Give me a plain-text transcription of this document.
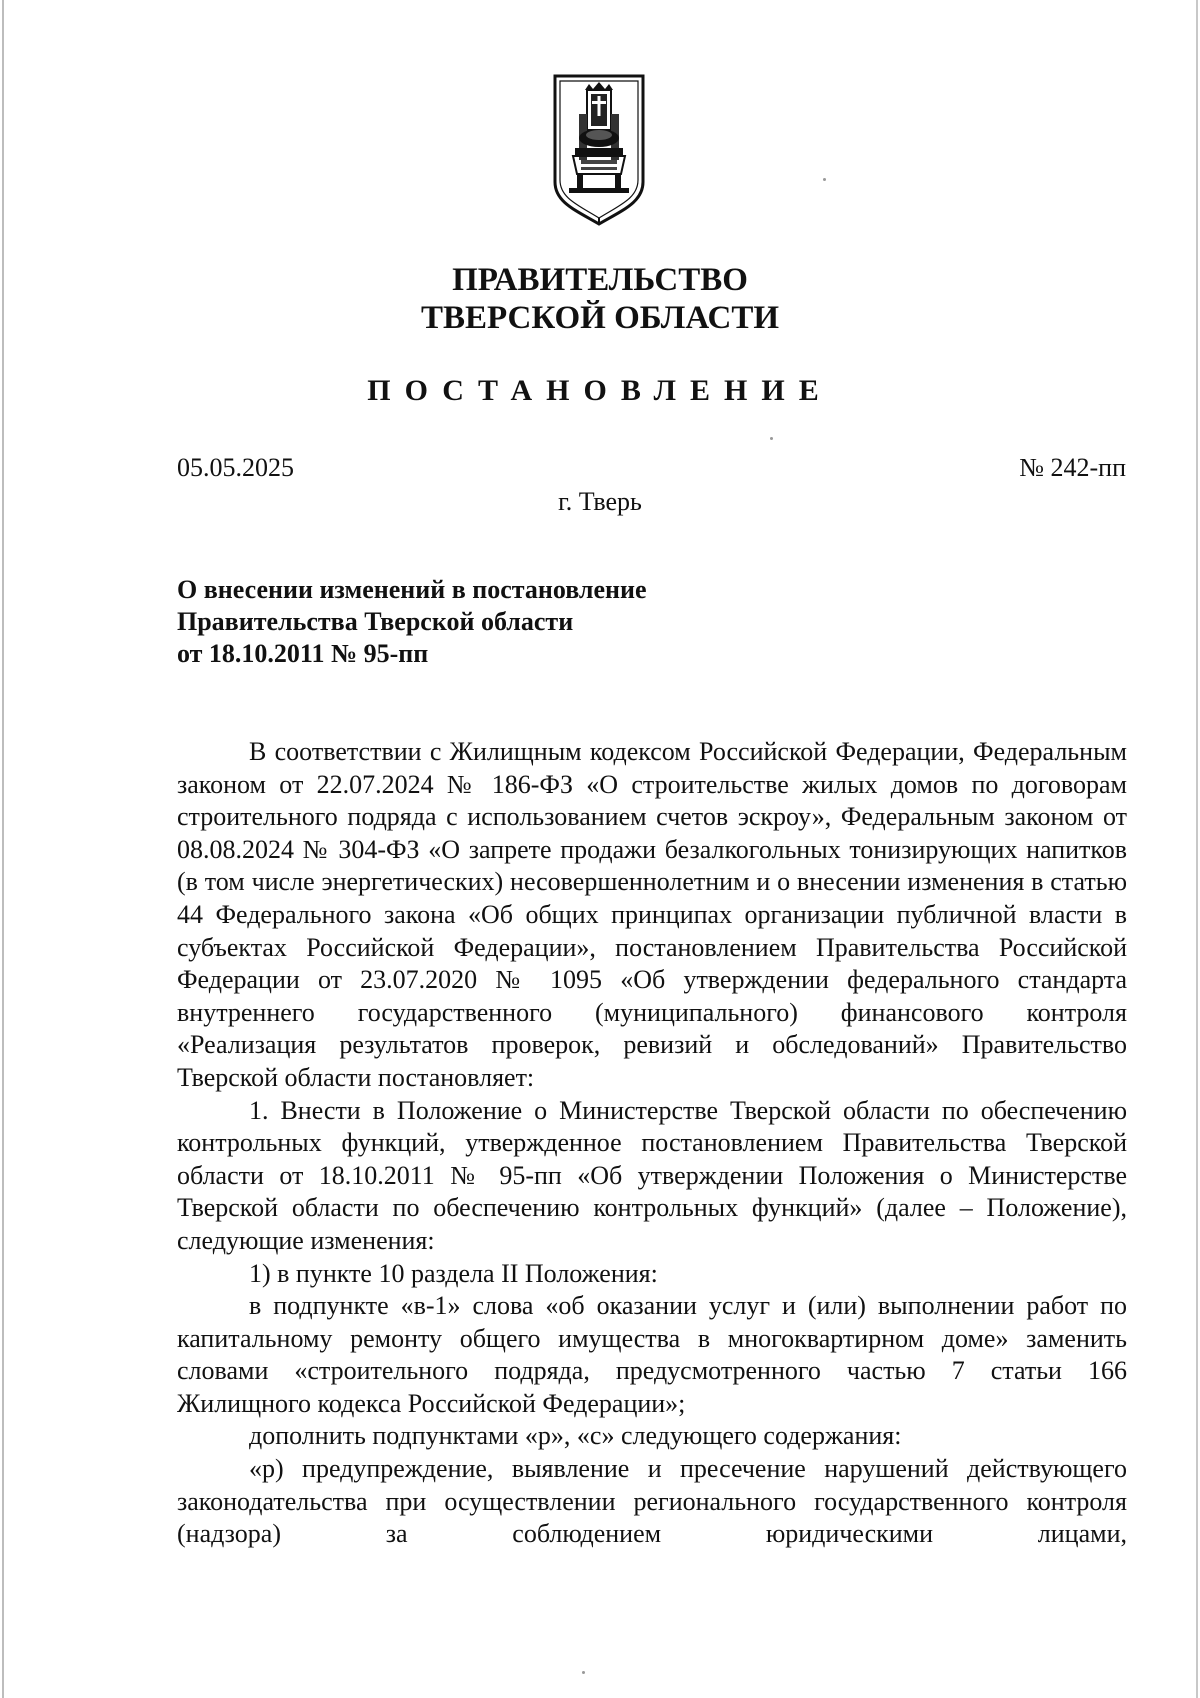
ПРАВИТЕЛЬСТВО
ТВЕРСКОЙ ОБЛАСТИ
ПОСТАНОВЛЕНИЕ
05.05.2025	№ 242-пп
г. Тверь
О внесении изменений в постановление
Правительства Тверской области
от 18.10.2011 № 95-пп

В соответствии с Жилищным кодексом Российской Федерации, Федеральным законом от 22.07.2024 № 186-ФЗ «О строительстве жилых домов по договорам строительного подряда с использованием счетов эскроу», Федеральным законом от 08.08.2024 № 304-ФЗ «О запрете продажи безалкогольных тонизирующих напитков (в том числе энергетических) несовершеннолетним и о внесении изменения в статью 44 Федерального закона «Об общих принципах организации публичной власти в субъектах Российской Федерации», постановлением Правительства Российской Федерации от 23.07.2020 № 1095 «Об утверждении федерального стандарта внутреннего государственного (муниципального) финансового контроля «Реализация результатов проверок, ревизий и обследований» Правительство Тверской области постановляет:

1. Внести в Положение о Министерстве Тверской области по обеспечению контрольных функций, утвержденное постановлением Правительства Тверской области от 18.10.2011 № 95-пп «Об утверждении Положения о Министерстве Тверской области по обеспечению контрольных функций» (далее – Положение), следующие изменения:

1) в пункте 10 раздела II Положения:

в подпункте «в-1» слова «об оказании услуг и (или) выполнении работ по капитальному ремонту общего имущества в многоквартирном доме» заменить словами «строительного подряда, предусмотренного частью 7 статьи 166 Жилищного кодекса Российской Федерации»;

дополнить подпунктами «р», «с» следующего содержания:

«р) предупреждение, выявление и пресечение нарушений действующего законодательства при осуществлении регионального государственного контроля (надзора) за соблюдением юридическими лицами,
